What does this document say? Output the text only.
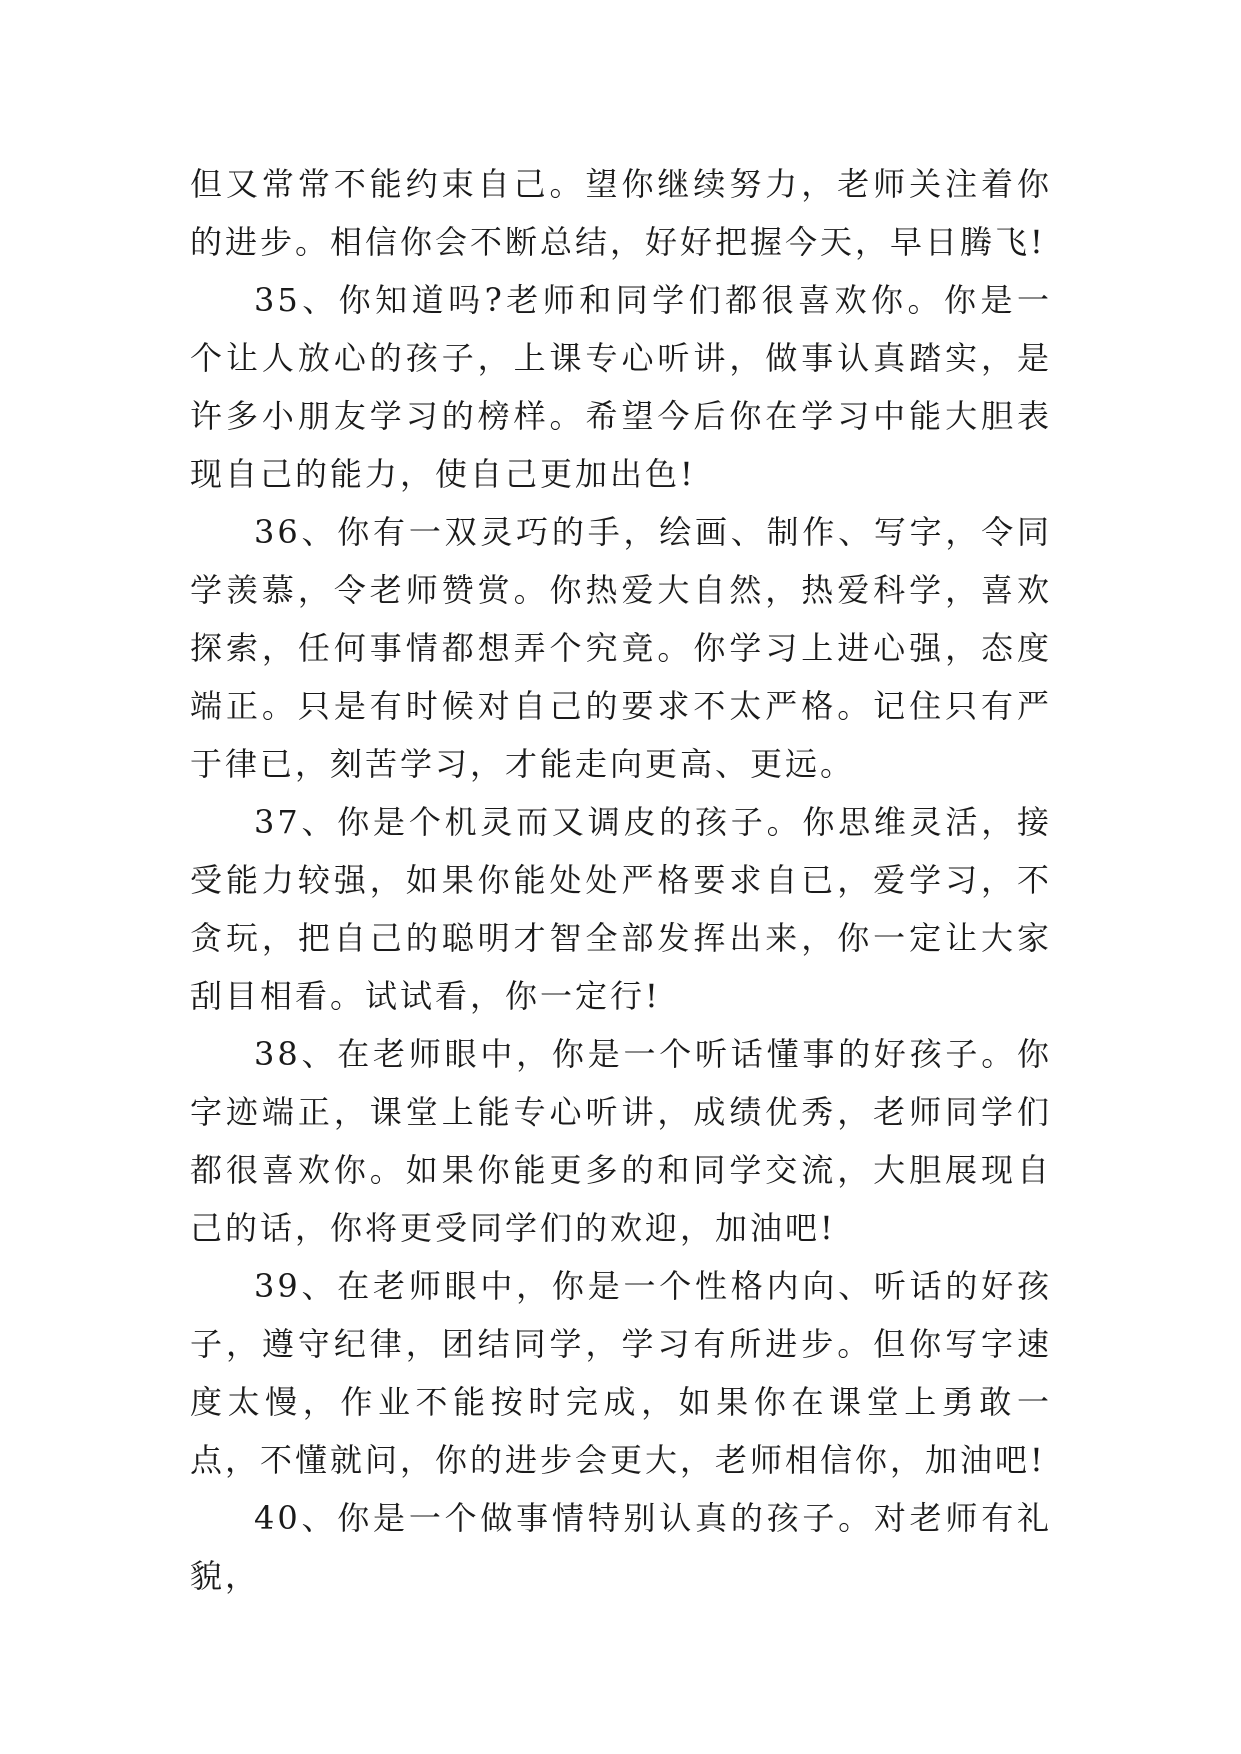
但又常常不能约束自己。望你继续努力，老师关注着你的进步。相信你会不断总结，好好把握今天，早日腾飞!

35、你知道吗?老师和同学们都很喜欢你。你是一个让人放心的孩子，上课专心听讲，做事认真踏实，是许多小朋友学习的榜样。希望今后你在学习中能大胆表现自己的能力，使自己更加出色!

36、你有一双灵巧的手，绘画、制作、写字，令同学羡慕，令老师赞赏。你热爱大自然，热爱科学，喜欢探索，任何事情都想弄个究竟。你学习上进心强，态度端正。只是有时候对自己的要求不太严格。记住只有严于律已，刻苦学习，才能走向更高、更远。

37、你是个机灵而又调皮的孩子。你思维灵活，接受能力较强，如果你能处处严格要求自已，爱学习，不贪玩，把自己的聪明才智全部发挥出来，你一定让大家刮目相看。试试看，你一定行!

38、在老师眼中，你是一个听话懂事的好孩子。你字迹端正，课堂上能专心听讲，成绩优秀，老师同学们都很喜欢你。如果你能更多的和同学交流，大胆展现自己的话，你将更受同学们的欢迎，加油吧!

39、在老师眼中，你是一个性格内向、听话的好孩子，遵守纪律，团结同学，学习有所进步。但你写字速度太慢，作业不能按时完成，如果你在课堂上勇敢一点，不懂就问，你的进步会更大，老师相信你，加油吧!

40、你是一个做事情特别认真的孩子。对老师有礼貌，
